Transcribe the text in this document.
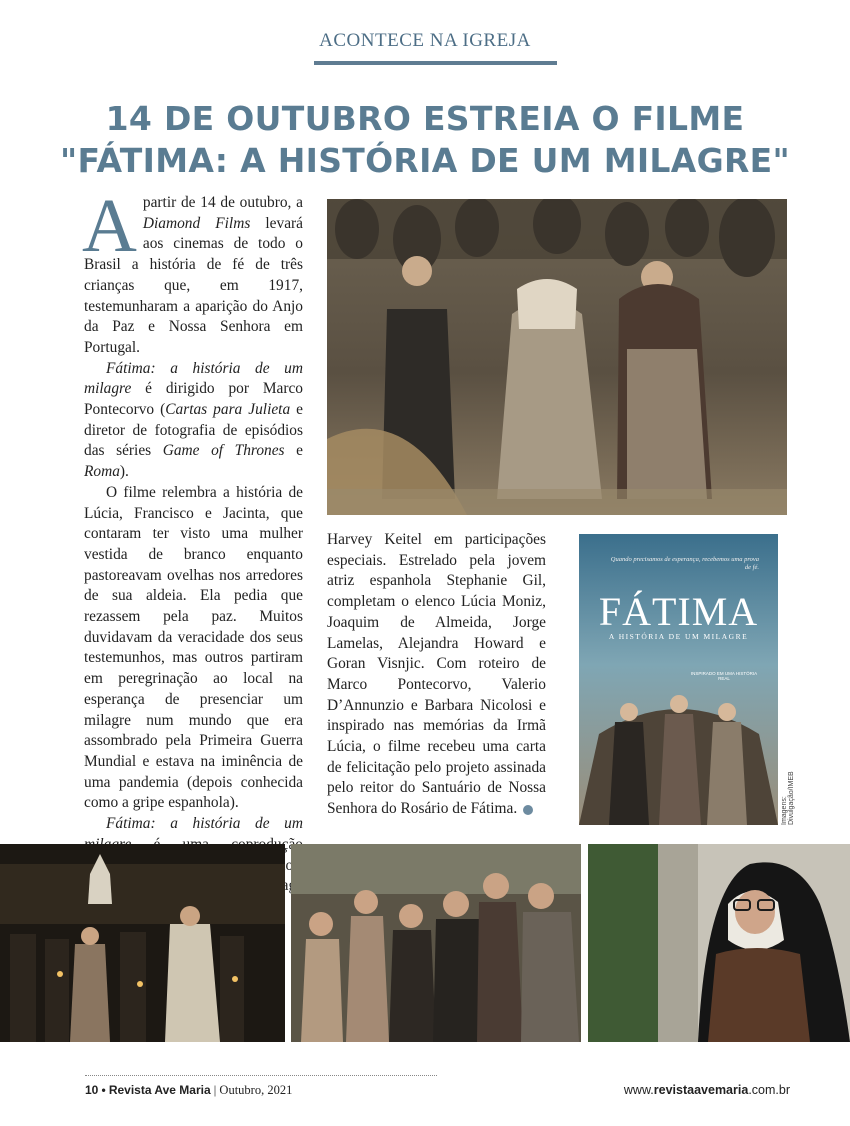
ACONTECE NA IGREJA
14 DE OUTUBRO ESTREIA O FILME
"FÁTIMA: A HISTÓRIA DE UM MILAGRE"

Apartir de 14 de outubro, a Diamond Films levará aos cinemas de todo o Brasil a história de fé de três crianças que, em 1917, testemunharam a aparição do Anjo da Paz e Nossa Senhora em Portugal.

Fátima: a história de um milagre é dirigido por Marco Pontecorvo (Cartas para Julieta e diretor de fotografia de episódios das séries Game of Thrones e Roma).

O filme relembra a história de Lúcia, Francisco e Jacinta, que contaram ter visto uma mulher vestida de branco enquanto pastoreavam ovelhas nos arredores de sua aldeia. Ela pedia que rezassem pela paz. Muitos duvidavam da veracidade dos seus testemunhos, mas outros partiram em peregrinação ao local na esperança de presenciar um milagre num mundo que era assombrado pela Primeira Guerra Mundial e estava na iminência de uma pandemia (depois conhecida como a gripe espanhola).

Fátima: a história de um

Harvey Keitel em participações especiais. Estrelado pela jovem atriz espanhola Stephanie Gil, completam o elenco Lúcia Moniz, Joaquim de Almeida, Jorge Lamelas, Alejandra Howard e Goran Visnjic. Com roteiro de Marco Pontecorvo, Valerio D’Annunzio e Barbara Nicolosi e inspirado nas memórias da Irmã Lúcia, o filme recebeu uma carta de felicitação pelo projeto assinada pelo reitor do Santuário de Nossa Senhora do Rosário de Fátima.

Quando precisamos de esperança, recebemos uma prova de fé.
FÁTIMA
A HISTÓRIA DE UM MILAGRE
INSPIRADO EM UMA HISTÓRIA REAL
Imagens: Divulgação/IMEB
10 • Revista Ave Maria | Outubro, 2021	www.revistaavemaria.com.br
